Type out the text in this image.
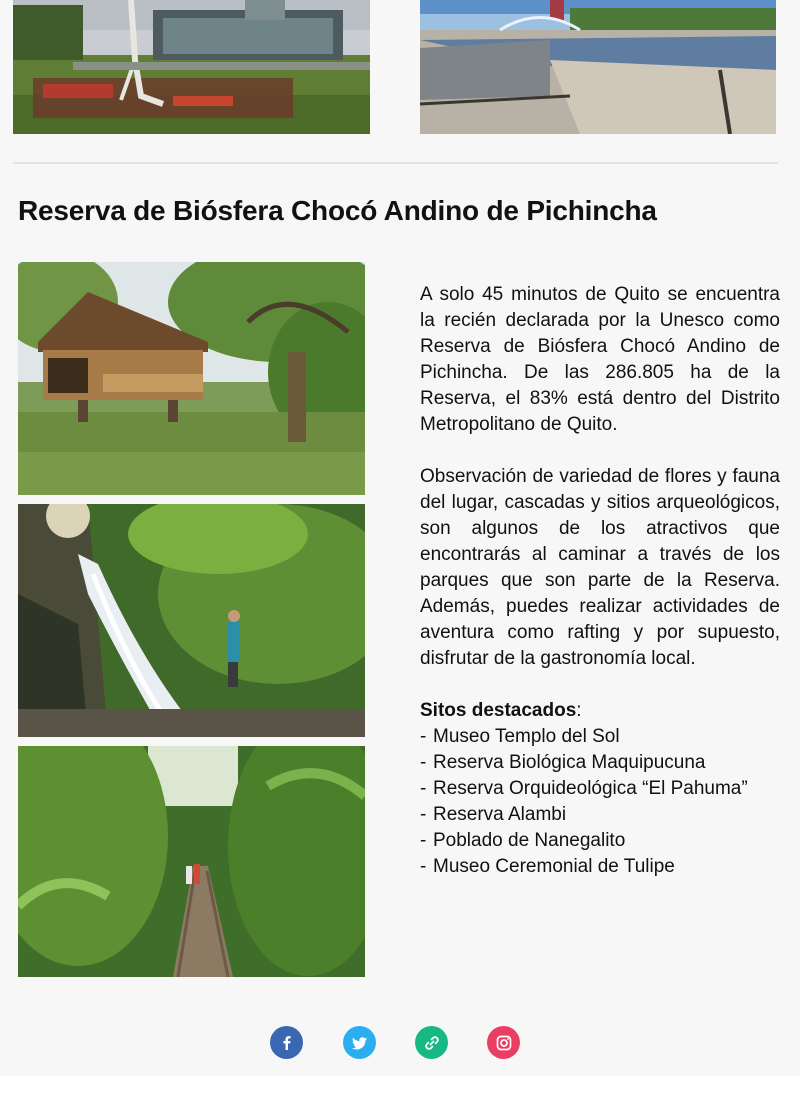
Reserva de Biósfera Chocó Andino de Pichincha

A solo 45 minutos de Quito se encuentra la recién declarada por la Unesco como Reserva de Biósfera Chocó Andino de Pichincha. De las 286.805 ha de la Reserva, el 83% está dentro del Distrito Metropolitano de Quito.

Observación de variedad de flores y fauna del lugar, cascadas y sitios arqueológicos, son algunos de los atractivos que encontrarás al caminar a través de los parques que son parte de la Reserva. Además, puedes realizar actividades de aventura como rafting y por supuesto, disfrutar de la gastronomía local.

Sitos destacados:
- Museo Templo del Sol
- Reserva Biológica Maquipucuna
- Reserva Orquideológica “El Pahuma”
- Reserva Alambi
- Poblado de Nanegalito
- Museo Ceremonial de Tulipe
